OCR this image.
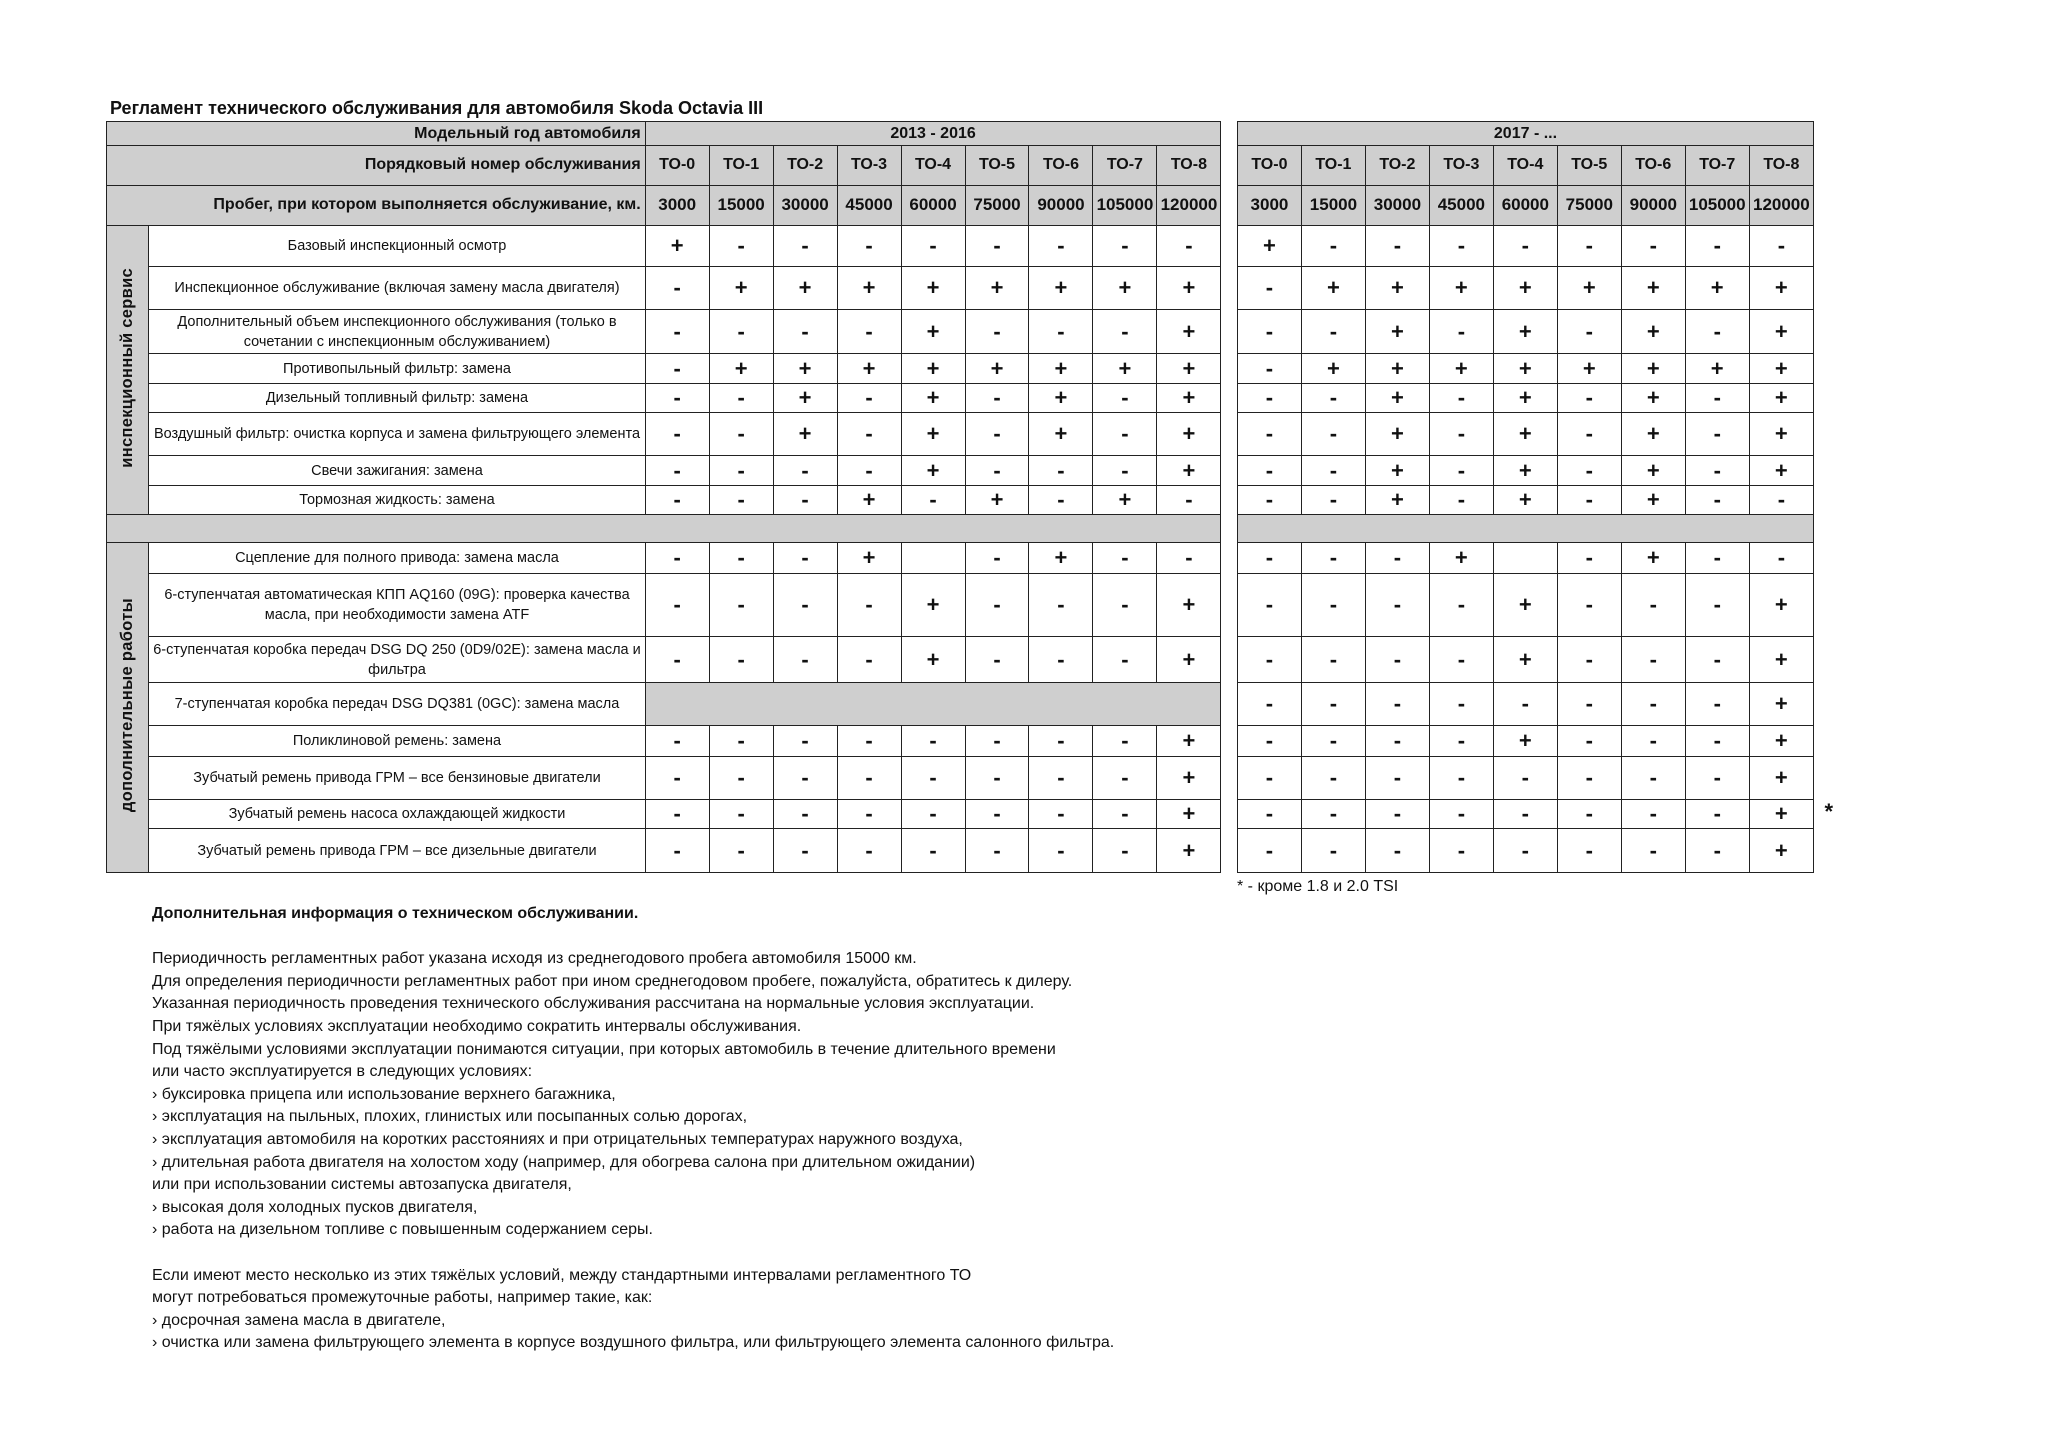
Регламент технического обслуживания для автомобиля Skoda Octavia III
Модельный год автомобиля		2013 - 2016										2017 - ...								
Порядковый номер обслуживания		ТО-0	ТО-1	ТО-2	ТО-3	ТО-4	ТО-5	ТО-6	ТО-7	ТО-8		ТО-0	ТО-1	ТО-2	ТО-3	ТО-4	ТО-5	ТО-6	ТО-7	ТО-8
Пробег, при котором выполняется обслуживание, км.		3000	15000	30000	45000	60000	75000	90000	105000	120000		3000	15000	30000	45000	60000	75000	90000	105000	120000
инспекционный сервис	Базовый инспекционный осмотр	+	-	-	-	-	-	-	-	-		+	-	-	-	-	-	-	-	-
	Инспекционное обслуживание (включая замену масла двигателя)	-	+	+	+	+	+	+	+	+		-	+	+	+	+	+	+	+	+
	Дополнительный объем инспекционного обслуживания (только в сочетании с инспекционным обслуживанием)	-	-	-	-	+	-	-	-	+		-	-	+	-	+	-	+	-	+
	Противопыльный фильтр: замена	-	+	+	+	+	+	+	+	+		-	+	+	+	+	+	+	+	+
	Дизельный топливный фильтр: замена	-	-	+	-	+	-	+	-	+		-	-	+	-	+	-	+	-	+
	Воздушный фильтр: очистка корпуса и замена фильтрующего элемента	-	-	+	-	+	-	+	-	+		-	-	+	-	+	-	+	-	+
	Свечи зажигания: замена	-	-	-	-	+	-	-	-	+		-	-	+	-	+	-	+	-	+
	Тормозная жидкость: замена	-	-	-	+	-	+	-	+	-		-	-	+	-	+	-	+	-	-

дополнительные работы	Сцепление для полного привода: замена масла	-	-	-	+		-	+	-	-		-	-	-	+		-	+	-	-
	6-ступенчатая автоматическая КПП AQ160 (09G): проверка качества масла, при необходимости замена ATF	-	-	-	-	+	-	-	-	+		-	-	-	-	+	-	-	-	+
	6-ступенчатая коробка передач DSG DQ 250 (0D9/02E): замена масла и фильтра	-	-	-	-	+	-	-	-	+		-	-	-	-	+	-	-	-	+
	7-ступенчатая коробка передач DSG DQ381 (0GC): замена масла											-	-	-	-	-	-	-	-	+
	Поликлиновой ремень: замена	-	-	-	-	-	-	-	-	+		-	-	-	-	+	-	-	-	+
	Зубчатый ремень привода ГРМ – все бензиновые двигатели	-	-	-	-	-	-	-	-	+		-	-	-	-	-	-	-	-	+
	Зубчатый ремень насоса охлаждающей жидкости	-	-	-	-	-	-	-	-	+		-	-	-	-	-	-	-	-	+ *

	Зубчатый ремень привода ГРМ – все дизельные двигатели	-	-	-	-	-	-	-	-	+		-	-	-	-	-	-	-	-	+
* - кроме 1.8 и 2.0 TSI
Дополнительная информация о техническом обслуживании.
Периодичность регламентных работ указана исходя из среднегодового пробега автомобиля 15000 км.
Для определения периодичности регламентных работ при ином среднегодовом пробеге, пожалуйста, обратитесь к дилеру.
Указанная периодичность проведения технического обслуживания рассчитана на нормальные условия эксплуатации.
При тяжёлых условиях эксплуатации необходимо сократить интервалы обслуживания.
Под тяжёлыми условиями эксплуатации понимаются ситуации, при которых автомобиль в течение длительного времени
или часто эксплуатируется в следующих условиях:
› буксировка прицепа или использование верхнего багажника,
› эксплуатация на пыльных, плохих, глинистых или посыпанных солью дорогах,
› эксплуатация автомобиля на коротких расстояниях и при отрицательных температурах наружного воздуха,
› длительная работа двигателя на холостом ходу (например, для обогрева салона при длительном ожидании)
или при использовании системы автозапуска двигателя,
› высокая доля холодных пусков двигателя,
› работа на дизельном топливе с повышенным содержанием серы.
Если имеют место несколько из этих тяжёлых условий, между стандартными интервалами регламентного ТО
могут потребоваться промежуточные работы, например такие, как:
› досрочная замена масла в двигателе,
› очистка или замена фильтрующего элемента в корпусе воздушного фильтра, или фильтрующего элемента салонного фильтра.
